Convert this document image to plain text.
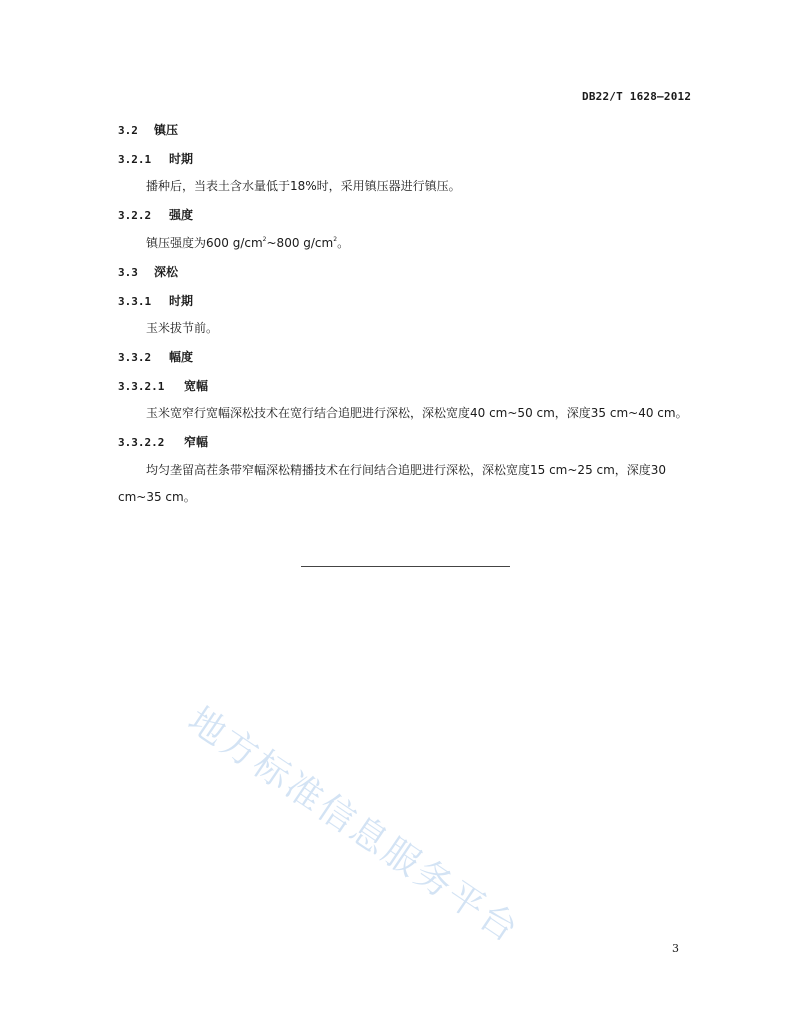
DB22/T 1628—2012
3.2 镇压
3.2.1 时期
播种后，当表土含水量低于18%时，采用镇压器进行镇压。
3.2.2 强度
镇压强度为600 $g/cm^2\sim 800$ $g/cm^2$。
3.3 深松
3.3.1 时期
玉米拔节前。
3.3.2 幅度
3.3.2.1 宽幅
玉米宽窄行宽幅深松技术在宽行结合追肥进行深松，深松宽度40 cm~50 cm，深度35 cm~40 cm。
3.3.2.2 窄幅
均匀垄留高茬条带窄幅深松精播技术在行间结合追肥进行深松，深松宽度15 cm~25 cm，深度30
cm~35 cm。
地方标准信息服务平台	3
